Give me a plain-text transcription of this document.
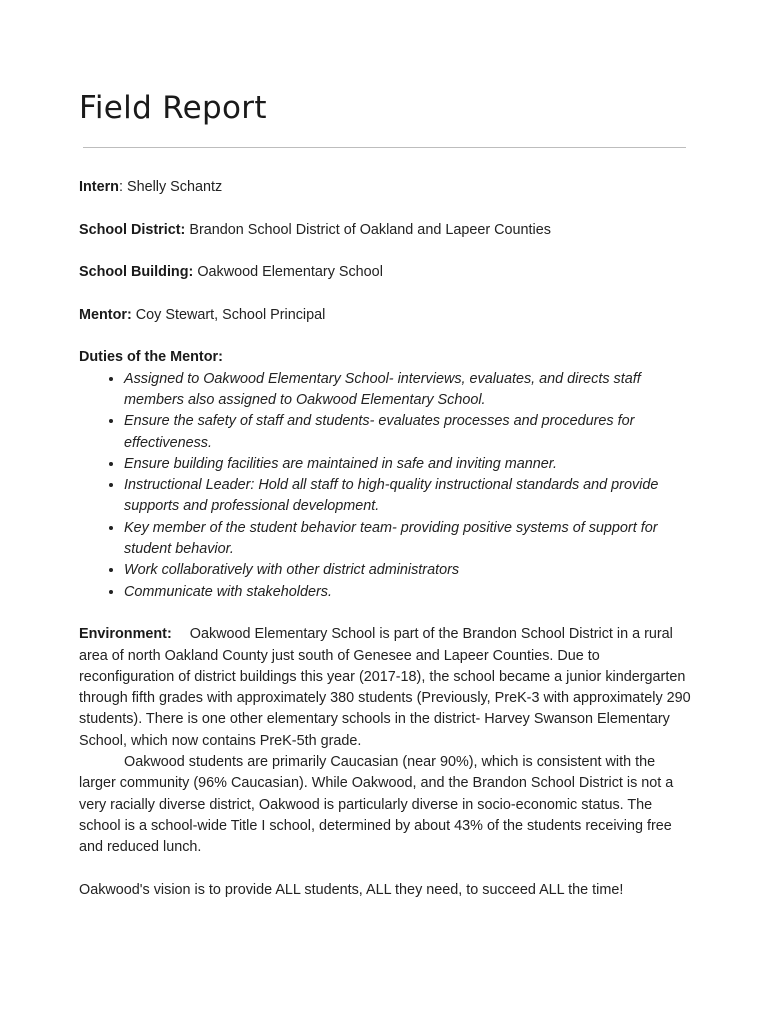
Field Report

Intern: Shelly Schantz

School District: Brandon School District of Oakland and Lapeer Counties

School Building: Oakwood Elementary School

Mentor: Coy Stewart, School Principal

Duties of the Mentor:

• Assigned to Oakwood Elementary School- interviews, evaluates, and directs staff members also assigned to Oakwood Elementary School.
• Ensure the safety of staff and students- evaluates processes and procedures for effectiveness.
• Ensure building facilities are maintained in safe and inviting manner.
• Instructional Leader: Hold all staff to high-quality instructional standards and provide supports and professional development.
• Key member of the student behavior team- providing positive systems of support for student behavior.
• Work collaboratively with other district administrators
• Communicate with stakeholders.

Environment: Oakwood Elementary School is part of the Brandon School District in a rural area of north Oakland County just south of Genesee and Lapeer Counties. Due to reconfiguration of district buildings this year (2017-18), the school became a junior kindergarten through fifth grades with approximately 380 students (Previously, PreK-3 with approximately 290 students). There is one other elementary schools in the district- Harvey Swanson Elementary School, which now contains PreK-5th grade.

Oakwood students are primarily Caucasian (near 90%), which is consistent with the larger community (96% Caucasian). While Oakwood, and the Brandon School District is not a very racially diverse district, Oakwood is particularly diverse in socio-economic status. The school is a school-wide Title I school, determined by about 43% of the students receiving free and reduced lunch.

Oakwood's vision is to provide ALL students, ALL they need, to succeed ALL the time!
